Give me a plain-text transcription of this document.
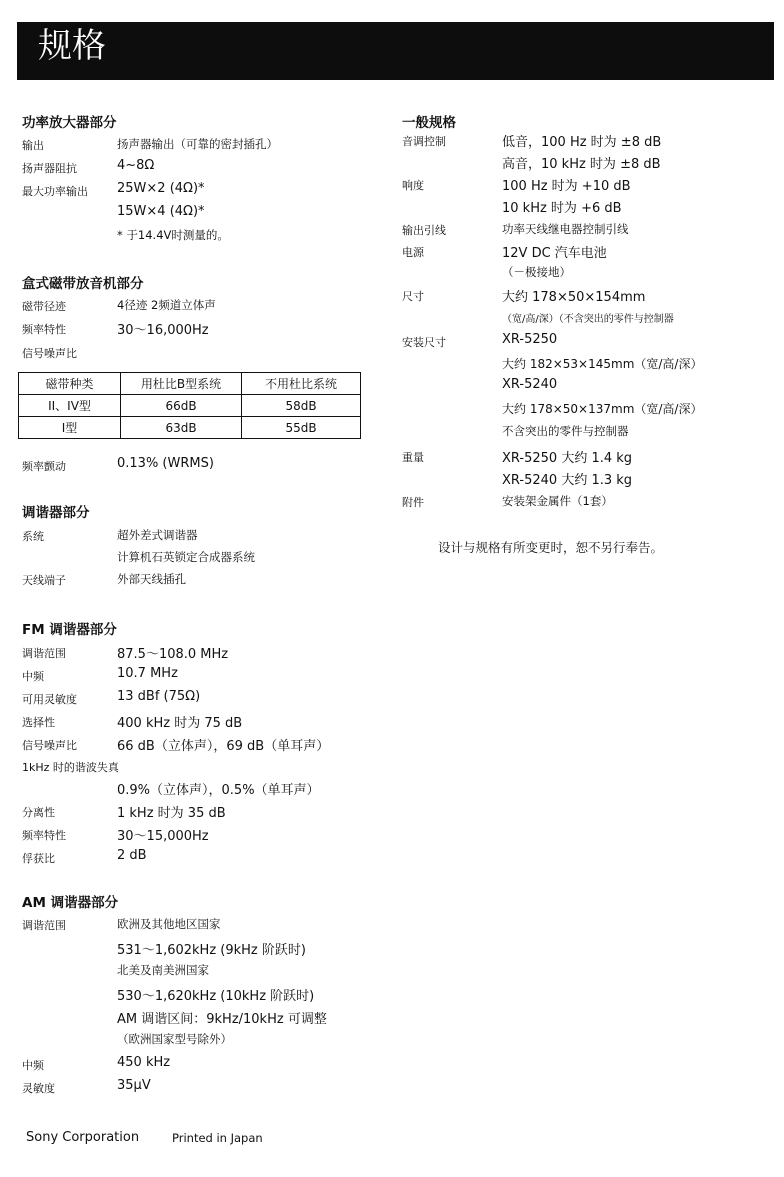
规格
功率放大器部分
输出	扬声器输出（可靠的密封插孔）
扬声器阻抗	4~8Ω
最大功率输出 25W×2 (4Ω)*
15W×4 (4Ω)*
* 于14.4V时测量的。
盒式磁带放音机部分
磁带径迹	4径迹 2频道立体声
频率特性	30～16,000Hz
信号噪声比
磁带种类	用杜比B型系统	不用杜比系统
II、IV型	66dB	58dB
I型	63dB	55dB
频率颤动	0.13% (WRMS)
调谐器部分
系统	超外差式调谐器
计算机石英锁定合成器系统
天线端子	外部天线插孔
FM 调谐器部分
调谐范围	87.5～108.0 MHz
中频	10.7 MHz
可用灵敏度	13 dBf (75Ω)
选择性	400 kHz 时为 75 dB
信号噪声比	66 dB（立体声），69 dB（单耳声）
1kHz 时的谐波失真
0.9%（立体声），0.5%（单耳声）
分离性	1 kHz 时为 35 dB
频率特性	30～15,000Hz
俘获比	2 dB
AM 调谐器部分
调谐范围	欧洲及其他地区国家
531～1,602kHz (9kHz 阶跃时)
北美及南美洲国家
530～1,620kHz (10kHz 阶跃时)
AM 调谐区间：9kHz/10kHz 可调整
（欧洲国家型号除外）
中频	450 kHz
灵敏度	35μV
Sony Corporation	Printed in Japan
一般规格
音调控制	低音，100 Hz 时为 ±8 dB
高音，10 kHz 时为 ±8 dB
响度	100 Hz 时为 +10 dB
10 kHz 时为 +6 dB
输出引线	功率天线继电器控制引线
电源	12V DC 汽车电池
（－极接地）
尺寸	大约 178×50×154mm
（宽/高/深）（不含突出的零件与控制器
安装尺寸	XR-5250
大约 182×53×145mm（宽/高/深）
XR-5240
大约 178×50×137mm（宽/高/深）
不含突出的零件与控制器
重量	XR-5250 大约 1.4 kg
XR-5240 大约 1.3 kg
附件	安装架金属件（1套）
设计与规格有所变更时，恕不另行奉告。
